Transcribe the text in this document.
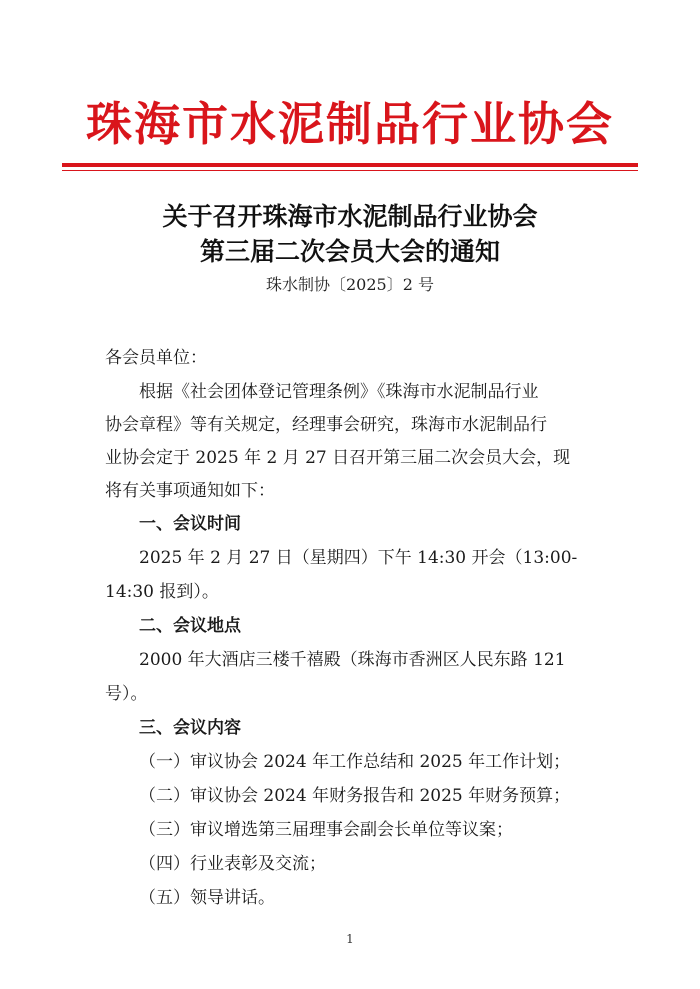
珠海市水泥制品行业协会
关于召开珠海市水泥制品行业协会
第三届二次会员大会的通知
珠水制协〔2025〕2 号
各会员单位：
根据《社会团体登记管理条例》《珠海市水泥制品行业
协会章程》等有关规定，经理事会研究，珠海市水泥制品行
业协会定于 2025 年 2 月 27 日召开第三届二次会员大会，现
将有关事项通知如下：
一、会议时间
2025 年 2 月 27 日（星期四）下午 14:30 开会（13:00-
14:30 报到）。
二、会议地点
2000 年大酒店三楼千禧殿（珠海市香洲区人民东路 121
号）。
三、会议内容
（一）审议协会 2024 年工作总结和 2025 年工作计划；
（二）审议协会 2024 年财务报告和 2025 年财务预算；
（三）审议增选第三届理事会副会长单位等议案；
（四）行业表彰及交流；
（五）领导讲话。
1
